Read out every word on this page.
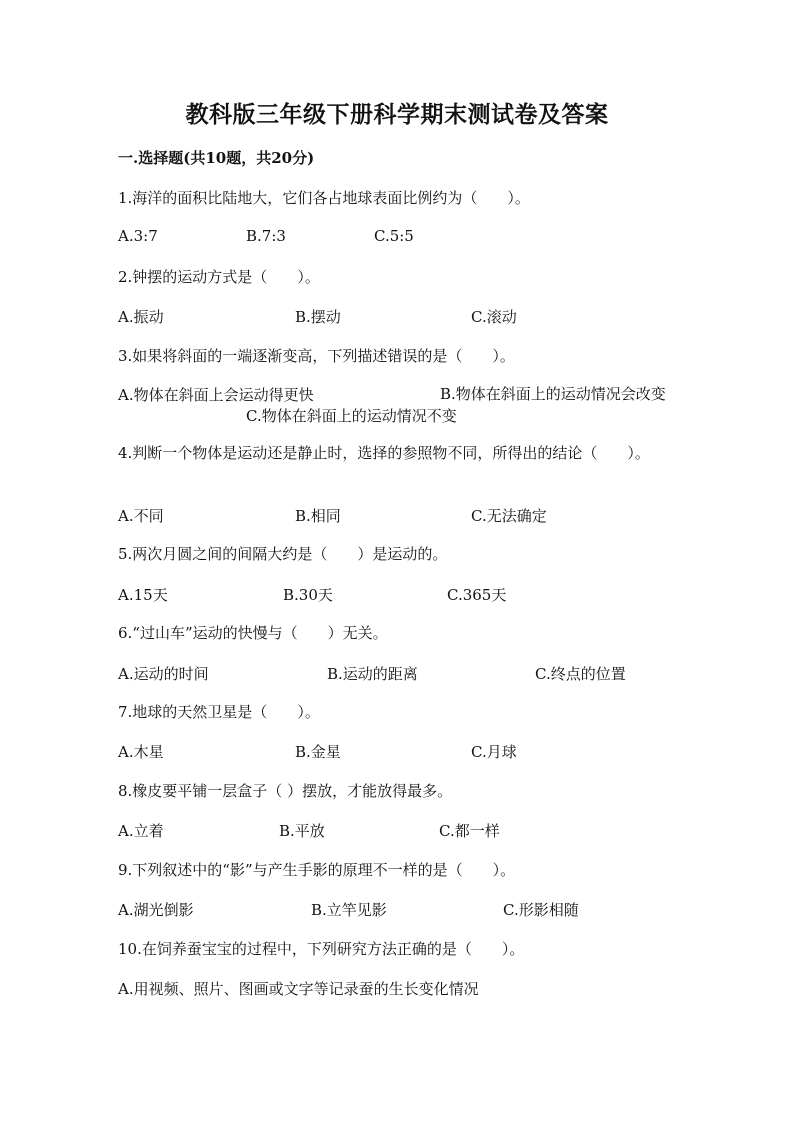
教科版三年级下册科学期末测试卷及答案
一.选择题(共10题，共20分)
1.海洋的面积比陆地大，它们各占地球表面比例约为（　　）。
A.3:7	B.7:3	C.5:5
2.钟摆的运动方式是（　　）。
A.振动	B.摆动	C.滚动
3.如果将斜面的一端逐渐变高，下列描述错误的是（　　）。
A.物体在斜面上会运动得更快	B.物体在斜面上的运动情况会改变
C.物体在斜面上的运动情况不变
4.判断一个物体是运动还是静止时，选择的参照物不同，所得出的结论（　　）。
A.不同	B.相同	C.无法确定
5.两次月圆之间的间隔大约是（　　）是运动的。
A.15天	B.30天	C.365天
6.“过山车”运动的快慢与（　　）无关。
A.运动的时间	B.运动的距离	C.终点的位置
7.地球的天然卫星是（　　）。
A.木星	B.金星	C.月球
8.橡皮要平铺一层盒子（ ）摆放，才能放得最多。
A.立着	B.平放	C.都一样
9.下列叙述中的“影”与产生手影的原理不一样的是（　　）。
A.湖光倒影	B.立竿见影	C.形影相随
10.在饲养蚕宝宝的过程中，下列研究方法正确的是（　　）。
A.用视频、照片、图画或文字等记录蚕的生长变化情况
